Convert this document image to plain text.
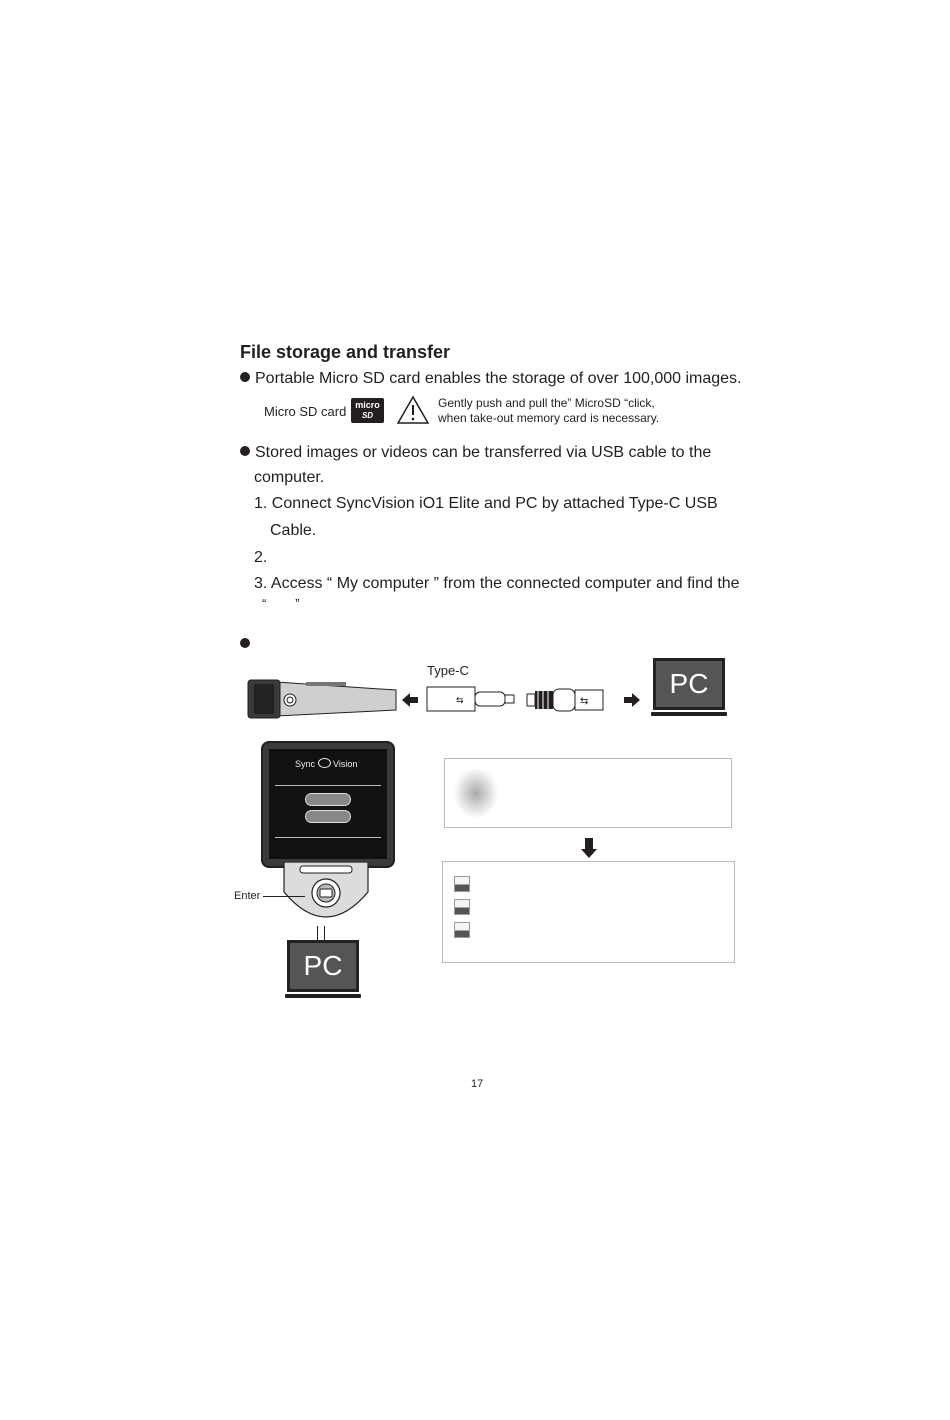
File storage and transfer
Portable Micro SD card enables the storage of over 100,000 images.
Micro SD card micro
SD
Gently push and pull the” MicroSD “click,
when take-out memory card is necessary.
Stored images or videos can be transferred via USB cable to the
computer.
1. Connect SyncVision iO1 Elite and PC by attached Type-C USB
Cable.
2.
3. Access “ My computer ” from the connected computer and find the
“        ”
Type-C
⇆	⇆
PC
Sync Vision
Enter
PC
17
